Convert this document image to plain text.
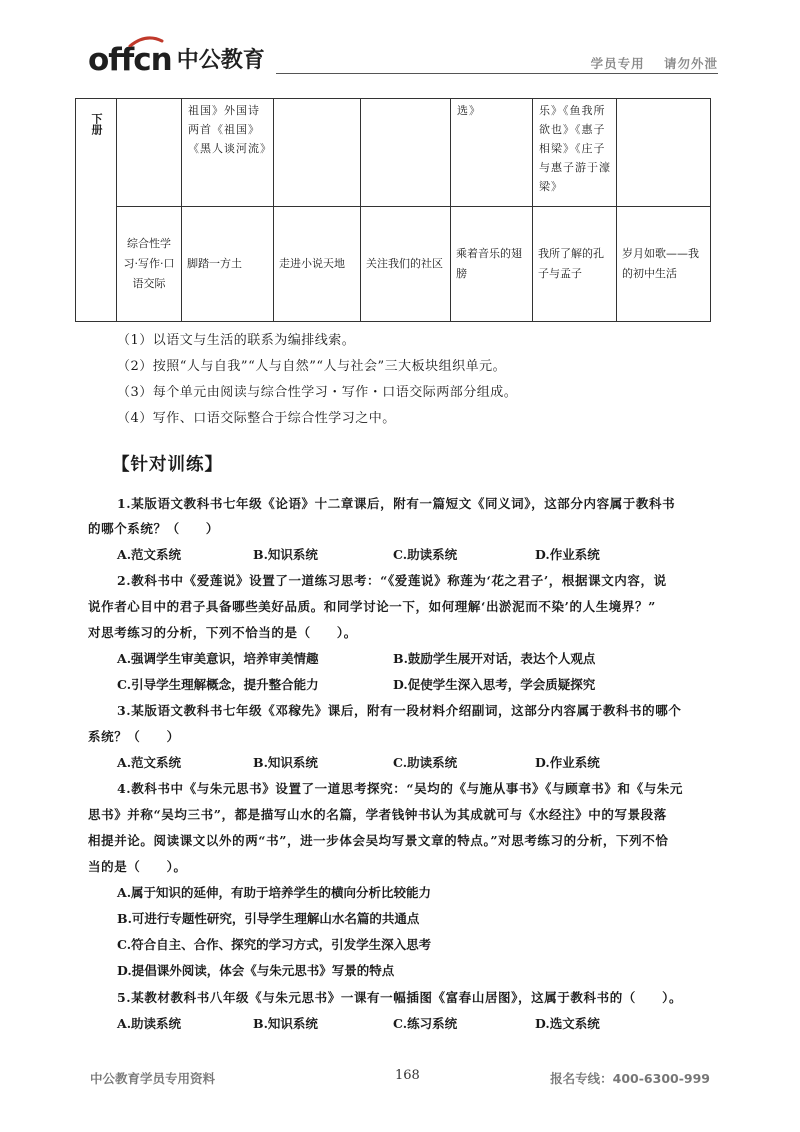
offcn 中公教育	学员专用 请勿外泄
下册		祖国》外国诗两首《祖国》《黑人谈河流》			选》	乐》《鱼我所欲也》《惠子相梁》《庄子与惠子游于濠梁》	
	综合性学习·写作·口语交际	脚踏一方土	走进小说天地	关注我们的社区	乘着音乐的翅膀	我所了解的孔子与孟子	岁月如歌——我的初中生活
（1）以语文与生活的联系为编排线索。
（2）按照“人与自我”“人与自然”“人与社会”三大板块组织单元。
（3）每个单元由阅读与综合性学习・写作・口语交际两部分组成。
（4）写作、口语交际整合于综合性学习之中。
【针对训练】
1.某版语文教科书七年级《论语》十二章课后，附有一篇短文《同义词》，这部分内容属于教科书
的哪个系统？（　　）
A.范文系统	B.知识系统	C.助读系统	D.作业系统
2.教科书中《爱莲说》设置了一道练习思考：“《爱莲说》称莲为‘花之君子’，根据课文内容，说
说作者心目中的君子具备哪些美好品质。和同学讨论一下，如何理解‘出淤泥而不染’的人生境界？”
对思考练习的分析，下列不恰当的是（　　）。
A.强调学生审美意识，培养审美情趣	B.鼓励学生展开对话，表达个人观点
C.引导学生理解概念，提升整合能力	D.促使学生深入思考，学会质疑探究
3.某版语文教科书七年级《邓稼先》课后，附有一段材料介绍副词，这部分内容属于教科书的哪个
系统？（　　）
A.范文系统	B.知识系统	C.助读系统	D.作业系统
4.教科书中《与朱元思书》设置了一道思考探究：“吴均的《与施从事书》《与顾章书》和《与朱元
思书》并称“吴均三书”，都是描写山水的名篇，学者钱钟书认为其成就可与《水经注》中的写景段落
相提并论。阅读课文以外的两“书”，进一步体会吴均写景文章的特点。”对思考练习的分析，下列不恰
当的是（　　）。
A.属于知识的延伸，有助于培养学生的横向分析比较能力
B.可进行专题性研究，引导学生理解山水名篇的共通点
C.符合自主、合作、探究的学习方式，引发学生深入思考
D.提倡课外阅读，体会《与朱元思书》写景的特点
5.某教材教科书八年级《与朱元思书》一课有一幅插图《富春山居图》，这属于教科书的（　　）。
A.助读系统	B.知识系统	C.练习系统	D.选文系统
中公教育学员专用资料	168	报名专线：400-6300-999
